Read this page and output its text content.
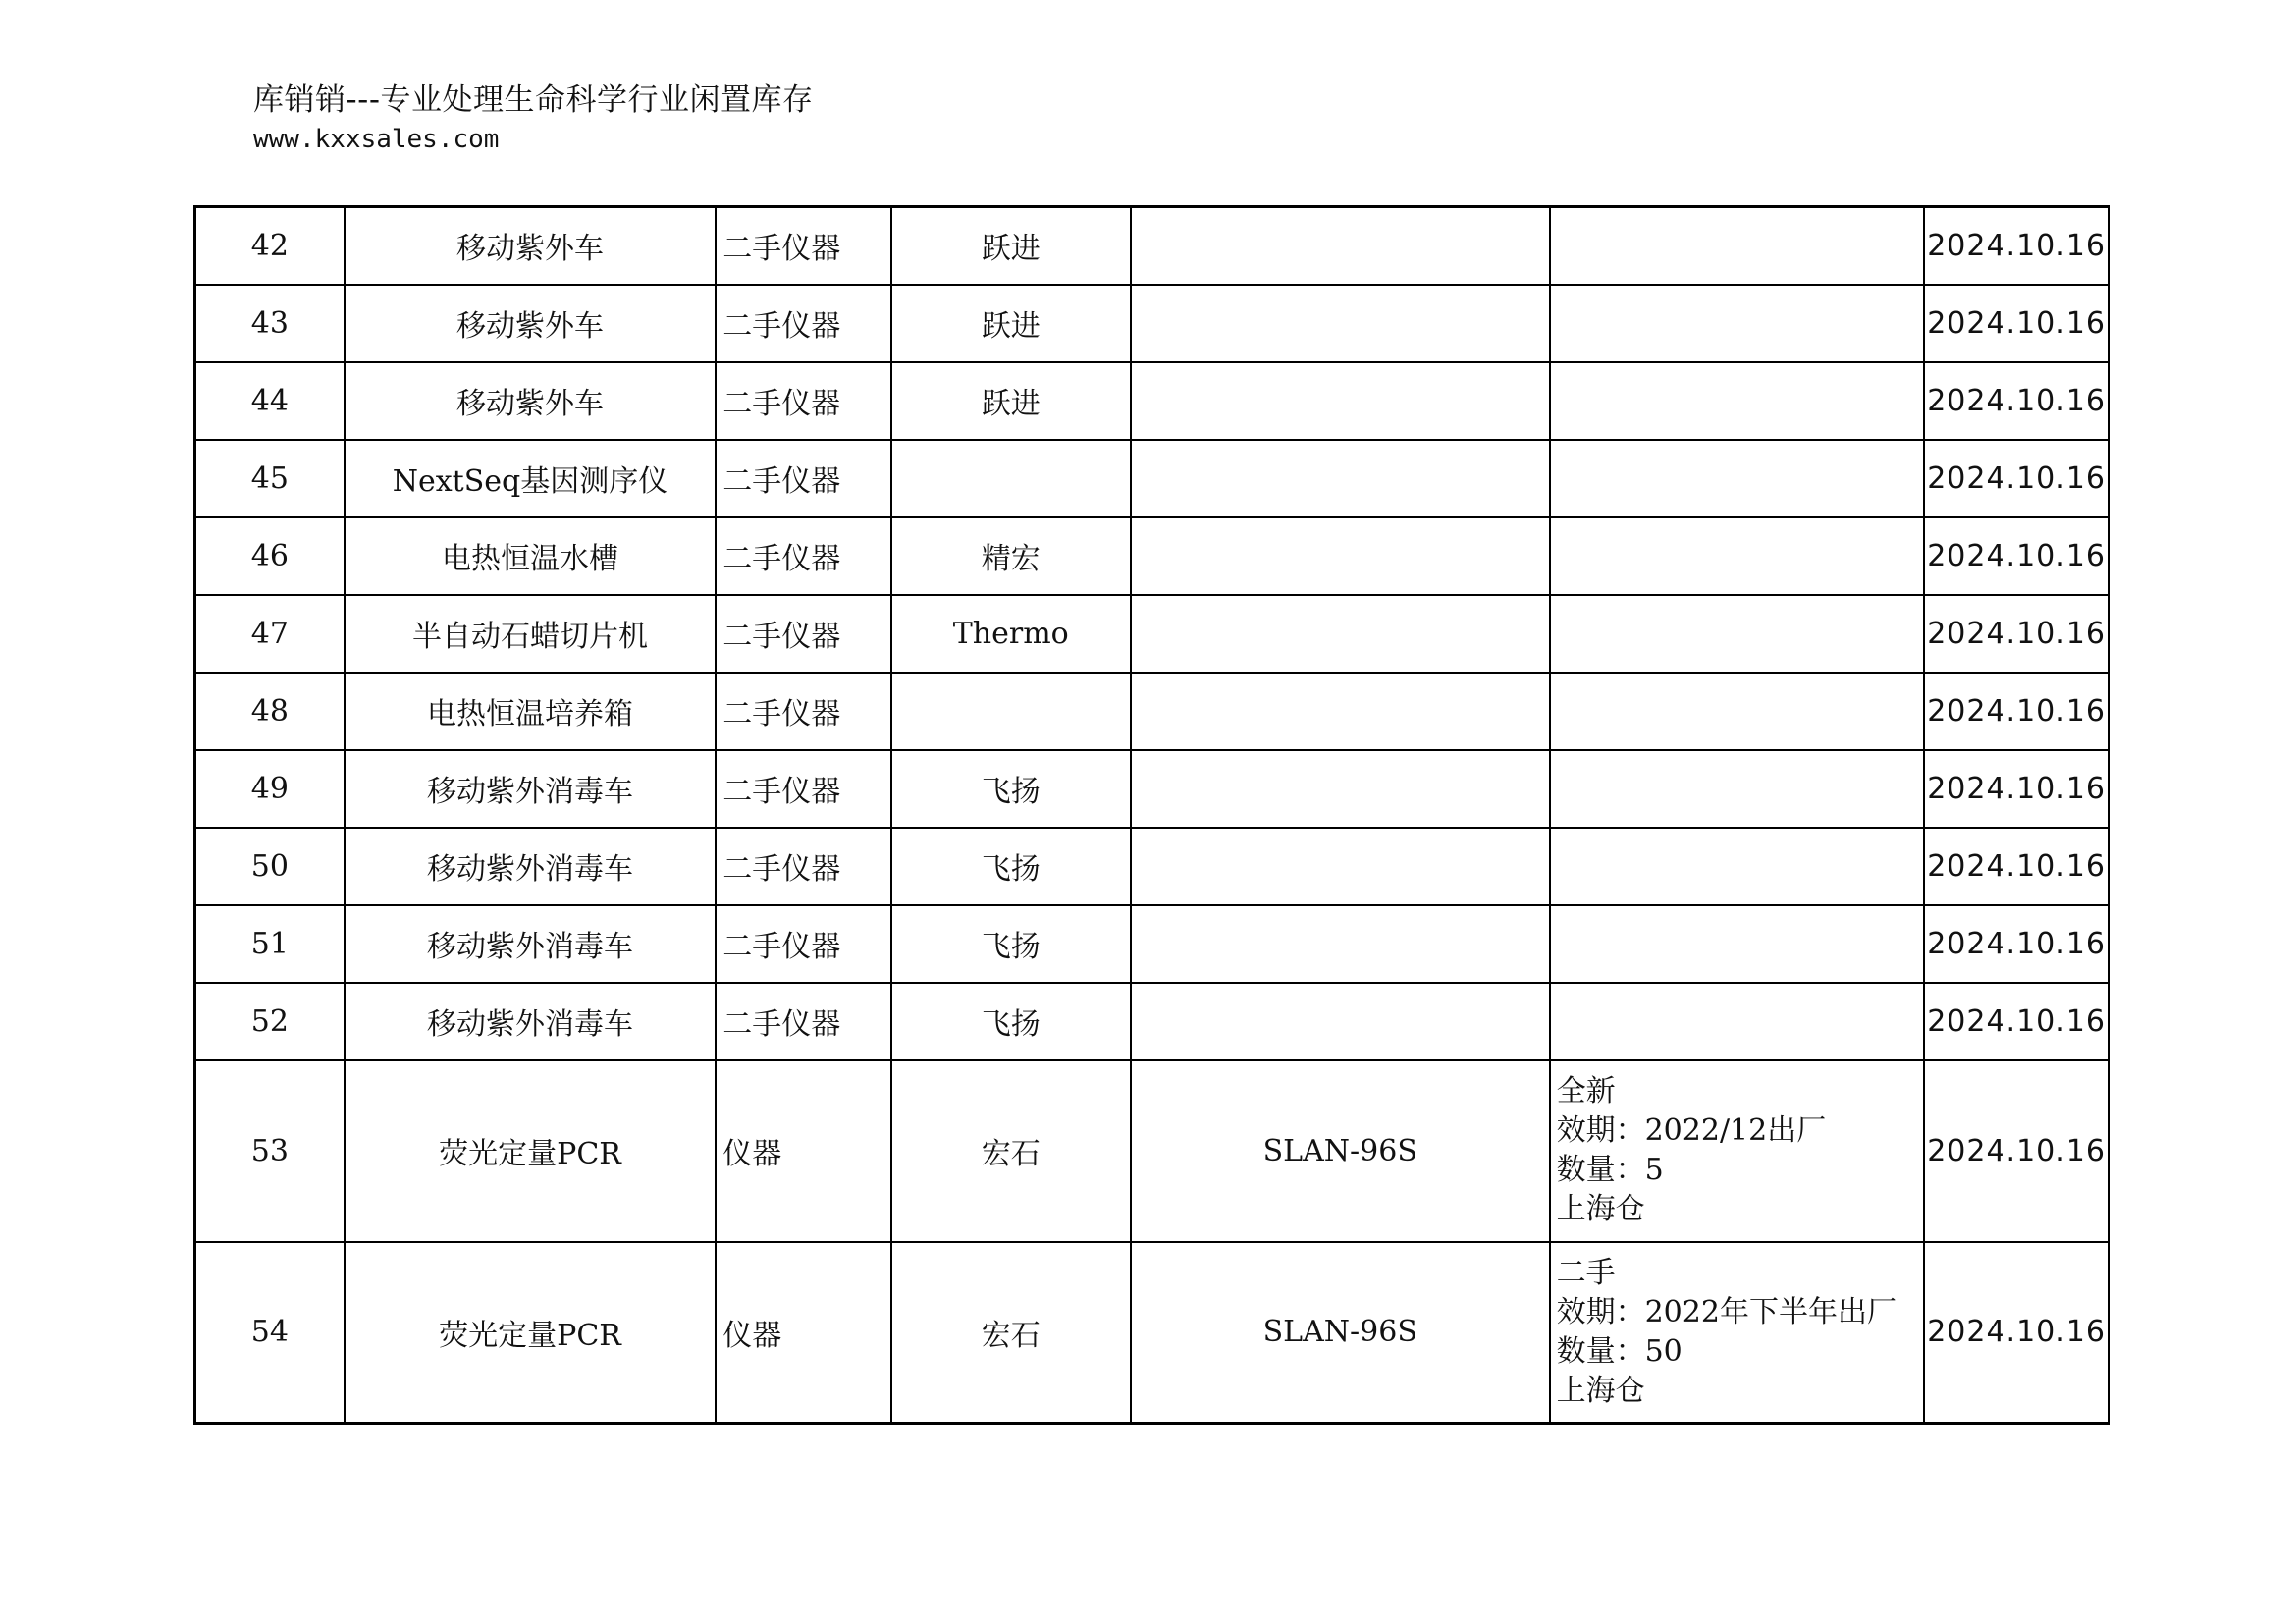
库销销---专业处理生命科学行业闲置库存
www.kxxsales.com
42	移动紫外车	二手仪器	跃进			2024.10.16
43	移动紫外车	二手仪器	跃进			2024.10.16
44	移动紫外车	二手仪器	跃进			2024.10.16
45	NextSeq基因测序仪	二手仪器				2024.10.16
46	电热恒温水槽	二手仪器	精宏			2024.10.16
47	半自动石蜡切片机	二手仪器	Thermo			2024.10.16
48	电热恒温培养箱	二手仪器				2024.10.16
49	移动紫外消毒车	二手仪器	飞扬			2024.10.16
50	移动紫外消毒车	二手仪器	飞扬			2024.10.16
51	移动紫外消毒车	二手仪器	飞扬			2024.10.16
52	移动紫外消毒车	二手仪器	飞扬			2024.10.16
53	荧光定量PCR	仪器	宏石	SLAN-96S	全新
效期：2022/12出厂
数量：5
上海仓	2024.10.16
54	荧光定量PCR	仪器	宏石	SLAN-96S	二手
效期：2022年下半年出厂
数量：50
上海仓	2024.10.16
